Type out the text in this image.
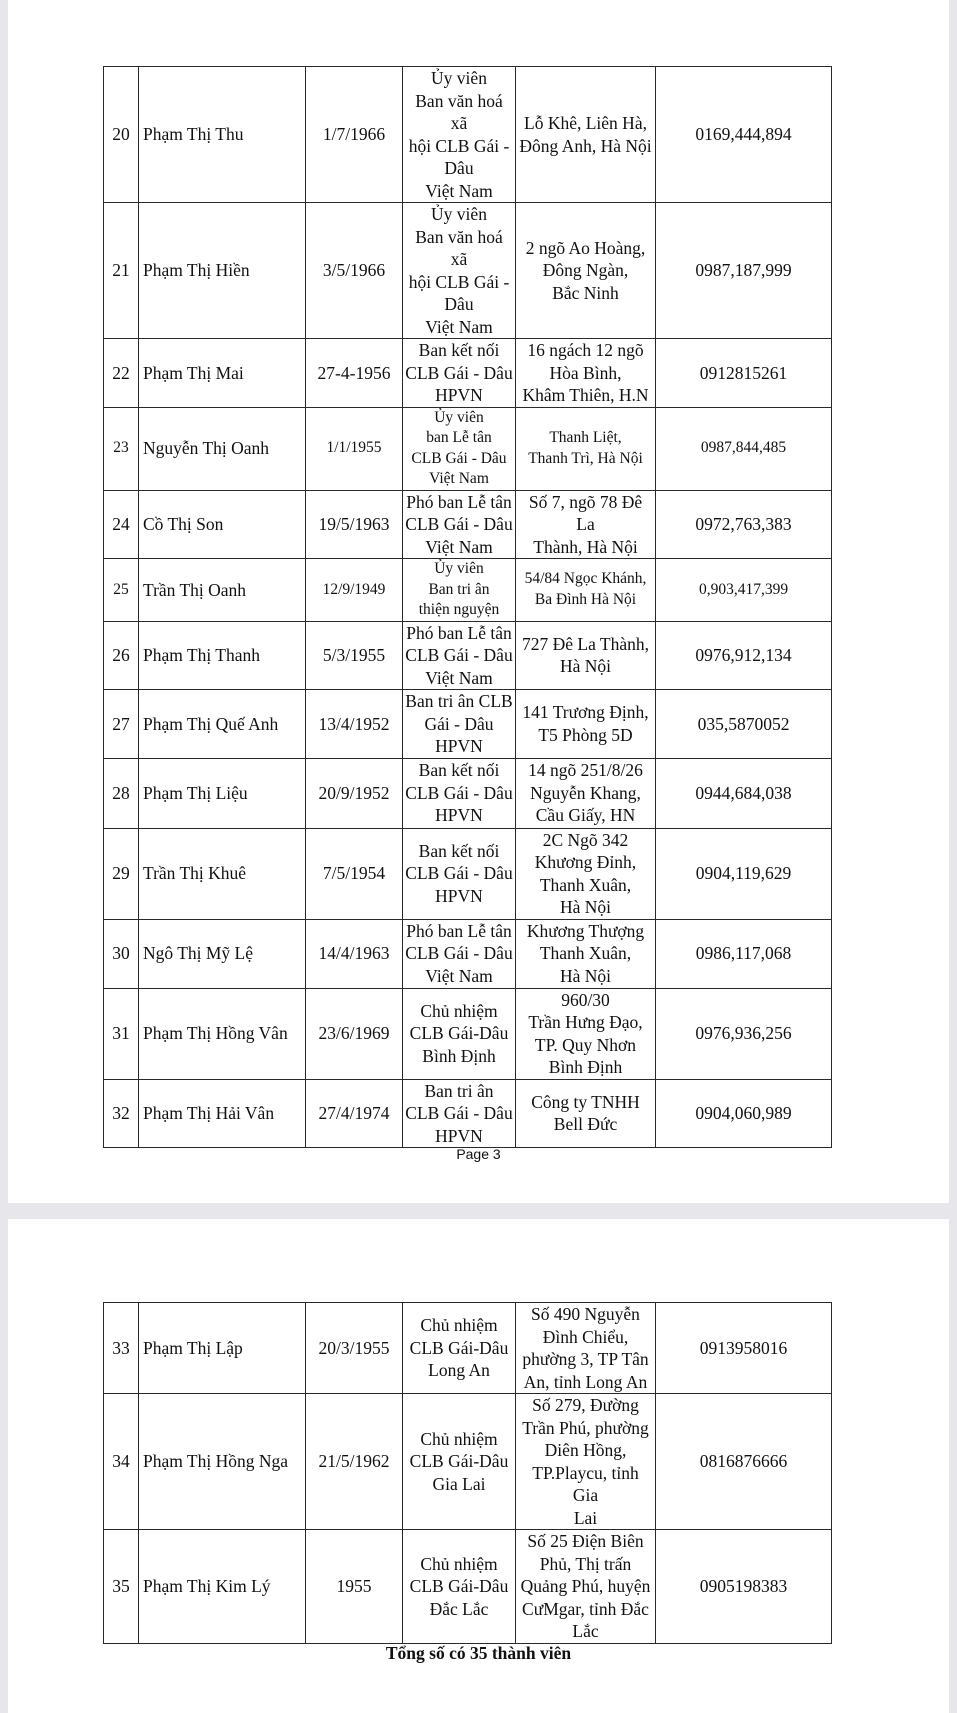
20	Phạm Thị Thu	1/7/1966	Ủy viên
Ban văn hoá xã
hội CLB Gái -
Dâu
Việt Nam	Lỗ Khê, Liên Hà,
Đông Anh, Hà Nội	0169,444,894
21	Phạm Thị Hiền	3/5/1966	Ủy viên
Ban văn hoá xã
hội CLB Gái -
Dâu
Việt Nam	2 ngõ Ao Hoàng,
Đông Ngàn,
Bắc Ninh	0987,187,999
22	Phạm Thị Mai	27-4-1956	Ban kết nối
CLB Gái - Dâu
HPVN	16 ngách 12 ngõ
Hòa Bình,
Khâm Thiên, H.N	0912815261
23	Nguyễn Thị Oanh	1/1/1955	Ủy viên
ban Lễ tân
CLB Gái - Dâu
Việt Nam	Thanh Liệt,
Thanh Trì, Hà Nội	0987,844,485
24	Cồ Thị Son	19/5/1963	Phó ban Lễ tân
CLB Gái - Dâu
Việt Nam	Số 7, ngõ 78 Đê La
Thành, Hà Nội	0972,763,383
25	Trần Thị Oanh	12/9/1949	Ủy viên
Ban tri ân
thiện nguyện	54/84 Ngọc Khánh,
Ba Đình Hà Nội	0,903,417,399
26	Phạm Thị Thanh	5/3/1955	Phó ban Lễ tân
CLB Gái - Dâu
Việt Nam	727 Đê La Thành,
Hà Nội	0976,912,134
27	Phạm Thị Quế Anh	13/4/1952	Ban tri ân CLB
Gái - Dâu
HPVN	141 Trương Định,
T5 Phòng 5D	035,5870052
28	Phạm Thị Liệu	20/9/1952	Ban kết nối
CLB Gái - Dâu
HPVN	14 ngõ 251/8/26
Nguyễn Khang,
Cầu Giấy, HN	0944,684,038
29	Trần Thị Khuê	7/5/1954	Ban kết nối
CLB Gái - Dâu
HPVN	2C Ngõ 342
Khương Đỉnh,
Thanh Xuân,
Hà Nội	0904,119,629
30	Ngô Thị Mỹ Lệ	14/4/1963	Phó ban Lễ tân
CLB Gái - Dâu
Việt Nam	Khương Thượng
Thanh Xuân,
Hà Nội	0986,117,068
31	Phạm Thị Hồng Vân	23/6/1969	Chủ nhiệm
CLB Gái-Dâu
Bình Định	960/30
Trần Hưng Đạo,
TP. Quy Nhơn
Bình Định	0976,936,256
32	Phạm Thị Hải Vân	27/4/1974	Ban tri ân
CLB Gái - Dâu
HPVN	Công ty TNHH
Bell Đức	0904,060,989
Page 3
33	Phạm Thị Lập	20/3/1955	Chủ nhiệm
CLB Gái-Dâu
Long An	Số 490 Nguyễn
Đình Chiểu,
phường 3, TP Tân
An, tỉnh Long An	0913958016
34	Phạm Thị Hồng Nga	21/5/1962	Chủ nhiệm
CLB Gái-Dâu
Gia Lai	Số 279, Đường
Trần Phú, phường
Diên Hồng,
TP.Playcu, tỉnh Gia
Lai	0816876666
35	Phạm Thị Kim Lý	1955	Chủ nhiệm
CLB Gái-Dâu
Đắc Lắc	Số 25 Điện Biên
Phủ, Thị trấn
Quảng Phú, huyện
CưMgar, tỉnh Đắc
Lắc	0905198383
Tổng số có 35 thành viên
